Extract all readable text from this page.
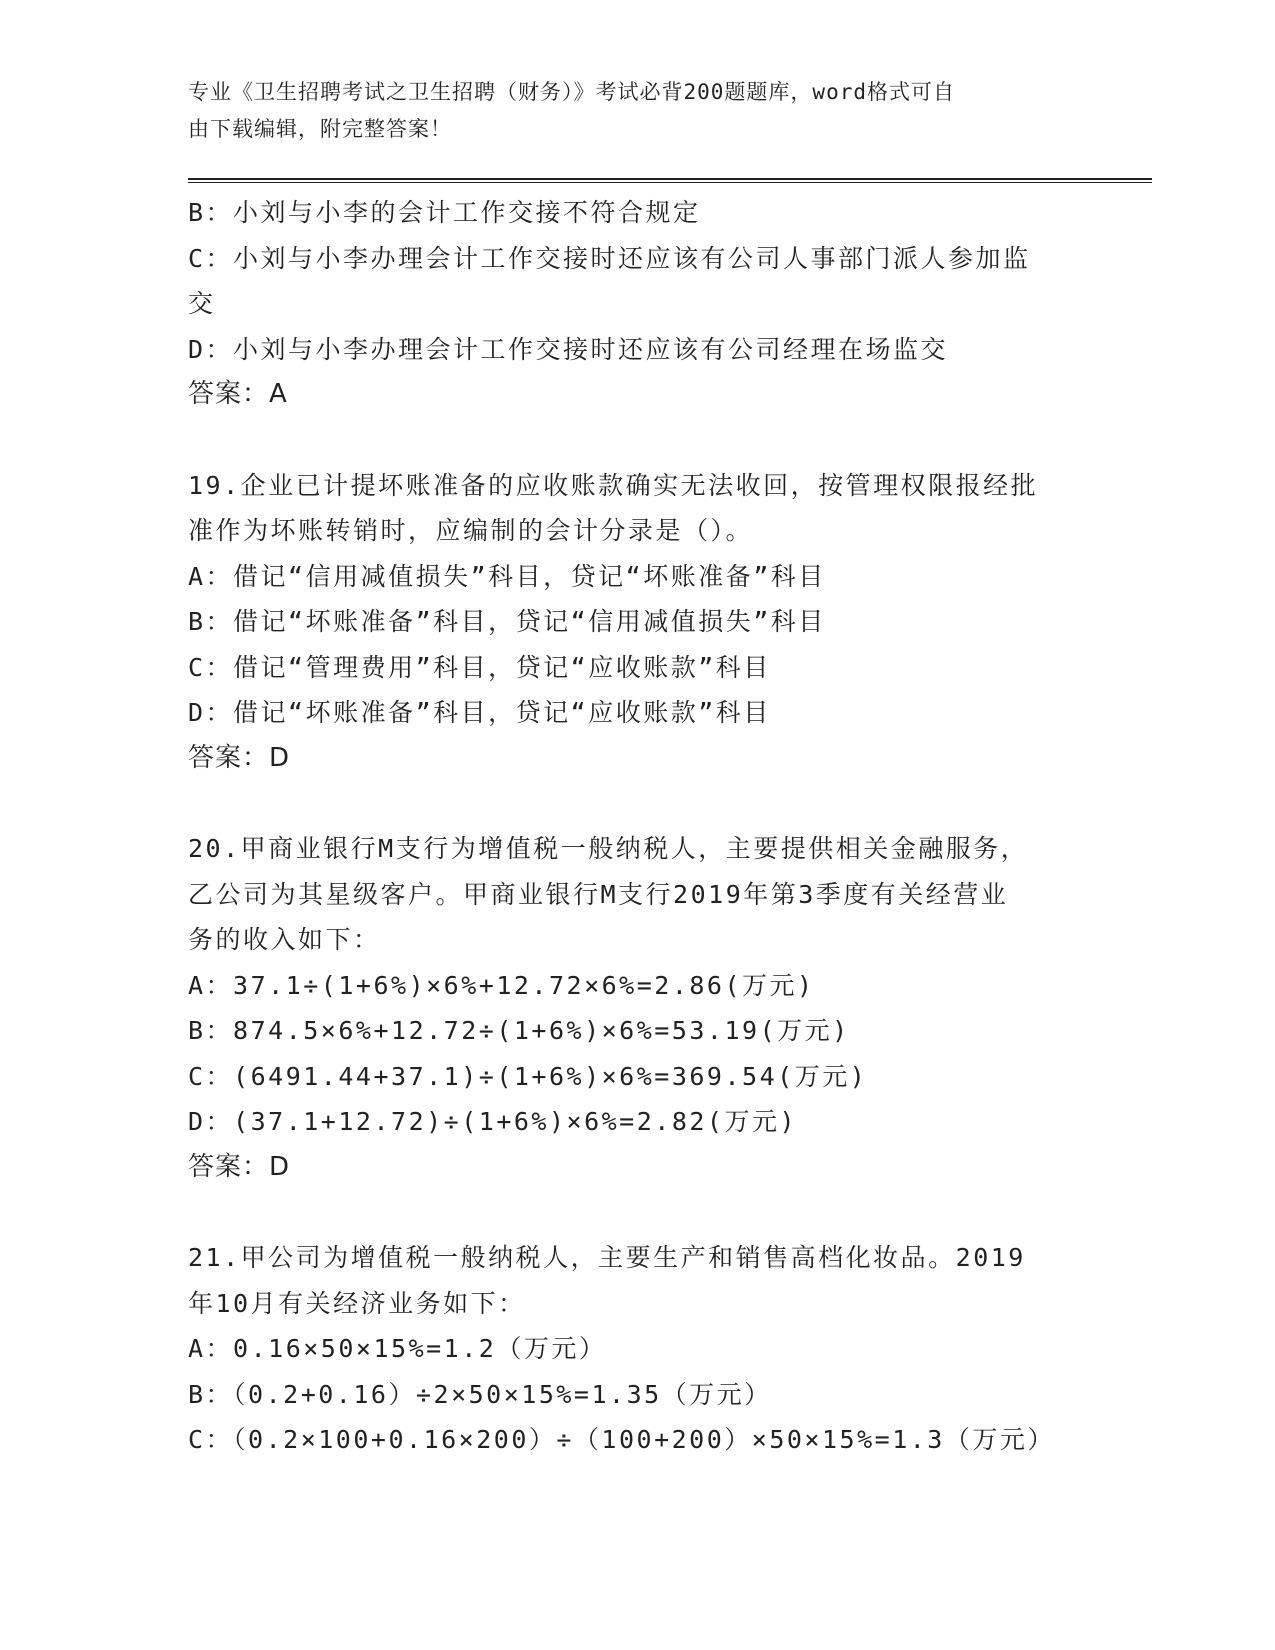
专业《卫生招聘考试之卫生招聘（财务）》考试必背200题题库，word格式可自
由下载编辑，附完整答案！
B：小刘与小李的会计工作交接不符合规定
C：小刘与小李办理会计工作交接时还应该有公司人事部门派人参加监
交
D：小刘与小李办理会计工作交接时还应该有公司经理在场监交
答案：A
19.企业已计提坏账准备的应收账款确实无法收回，按管理权限报经批
准作为坏账转销时，应编制的会计分录是（）。
A：借记“信用减值损失”科目，贷记“坏账准备”科目
B：借记“坏账准备”科目，贷记“信用减值损失”科目
C：借记“管理费用”科目，贷记“应收账款”科目
D：借记“坏账准备”科目，贷记“应收账款”科目
答案：D
20.甲商业银行M支行为增值税一般纳税人，主要提供相关金融服务，
乙公司为其星级客户。甲商业银行M支行2019年第3季度有关经营业
务的收入如下：
A：37.1÷(1+6%)×6%+12.72×6%=2.86(万元)
B：874.5×6%+12.72÷(1+6%)×6%=53.19(万元)
C：(6491.44+37.1)÷(1+6%)×6%=369.54(万元)
D：(37.1+12.72)÷(1+6%)×6%=2.82(万元)
答案：D
21.甲公司为增值税一般纳税人，主要生产和销售高档化妆品。2019
年10月有关经济业务如下：
A：0.16×50×15%=1.2（万元）
B：（0.2+0.16）÷2×50×15%=1.35（万元）
C：（0.2×100+0.16×200）÷（100+200）×50×15%=1.3（万元）
